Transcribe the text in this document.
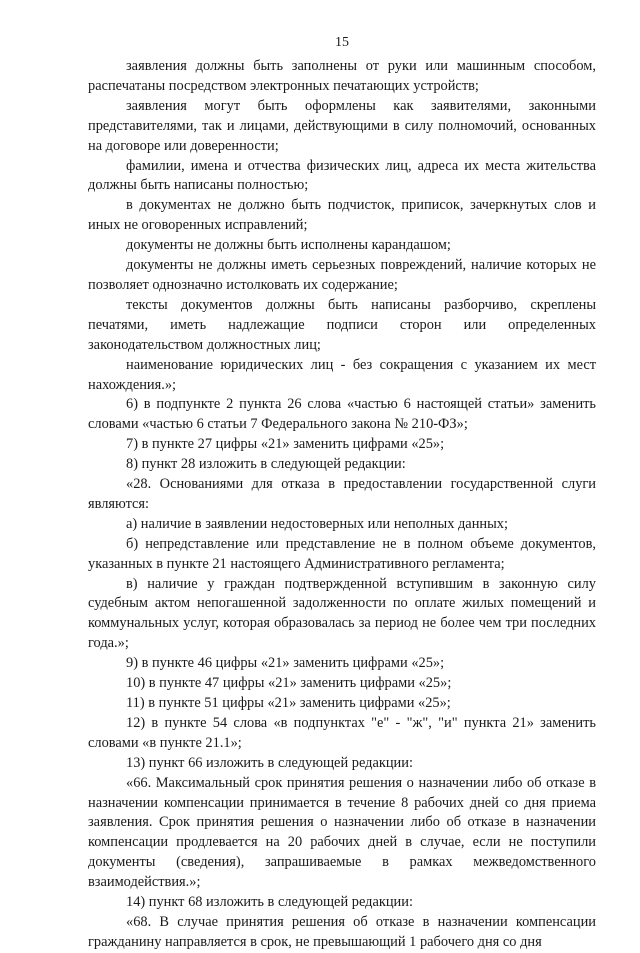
15

заявления должны быть заполнены от руки или машинным способом, распечатаны посредством электронных печатающих устройств;

заявления могут быть оформлены как заявителями, законными представителями, так и лицами, действующими в силу полномочий, основанных на договоре или доверенности;

фамилии, имена и отчества физических лиц, адреса их места жительства должны быть написаны полностью;

в документах не должно быть подчисток, приписок, зачеркнутых слов и иных не оговоренных исправлений;

документы не должны быть исполнены карандашом;

документы не должны иметь серьезных повреждений, наличие которых не позволяет однозначно истолковать их содержание;

тексты документов должны быть написаны разборчиво, скреплены печатями, иметь надлежащие подписи сторон или определенных законодательством должностных лиц;

наименование юридических лиц - без сокращения с указанием их мест нахождения.»;

6) в подпункте 2 пункта 26 слова «частью 6 настоящей статьи» заменить словами «частью 6 статьи 7 Федерального закона № 210-ФЗ»;

7) в пункте 27 цифры «21» заменить цифрами «25»;

8) пункт 28 изложить в следующей редакции:

«28. Основаниями для отказа в предоставлении государственной слуги являются:

а) наличие в заявлении недостоверных или неполных данных;

б) непредставление или представление не в полном объеме документов, указанных в пункте 21 настоящего Административного регламента;

в) наличие у граждан подтвержденной вступившим в законную силу судебным актом непогашенной задолженности по оплате жилых помещений и коммунальных услуг, которая образовалась за период не более чем три последних года.»;

9) в пункте 46 цифры «21» заменить цифрами «25»;

10) в пункте 47 цифры «21» заменить цифрами «25»;

11) в пункте 51 цифры «21» заменить цифрами «25»;

12) в пункте 54 слова «в подпунктах "е" - "ж", "и" пункта 21» заменить словами «в пункте 21.1»;

13) пункт 66 изложить в следующей редакции:

«66. Максимальный срок принятия решения о назначении либо об отказе в назначении компенсации принимается в течение 8 рабочих дней со дня приема заявления. Срок принятия решения о назначении либо об отказе в назначении компенсации продлевается на 20 рабочих дней в случае, если не поступили документы (сведения), запрашиваемые в рамках межведомственного взаимодействия.»;

14) пункт 68 изложить в следующей редакции:

«68. В случае принятия решения об отказе в назначении компенсации гражданину направляется в срок, не превышающий 1 рабочего дня со дня
